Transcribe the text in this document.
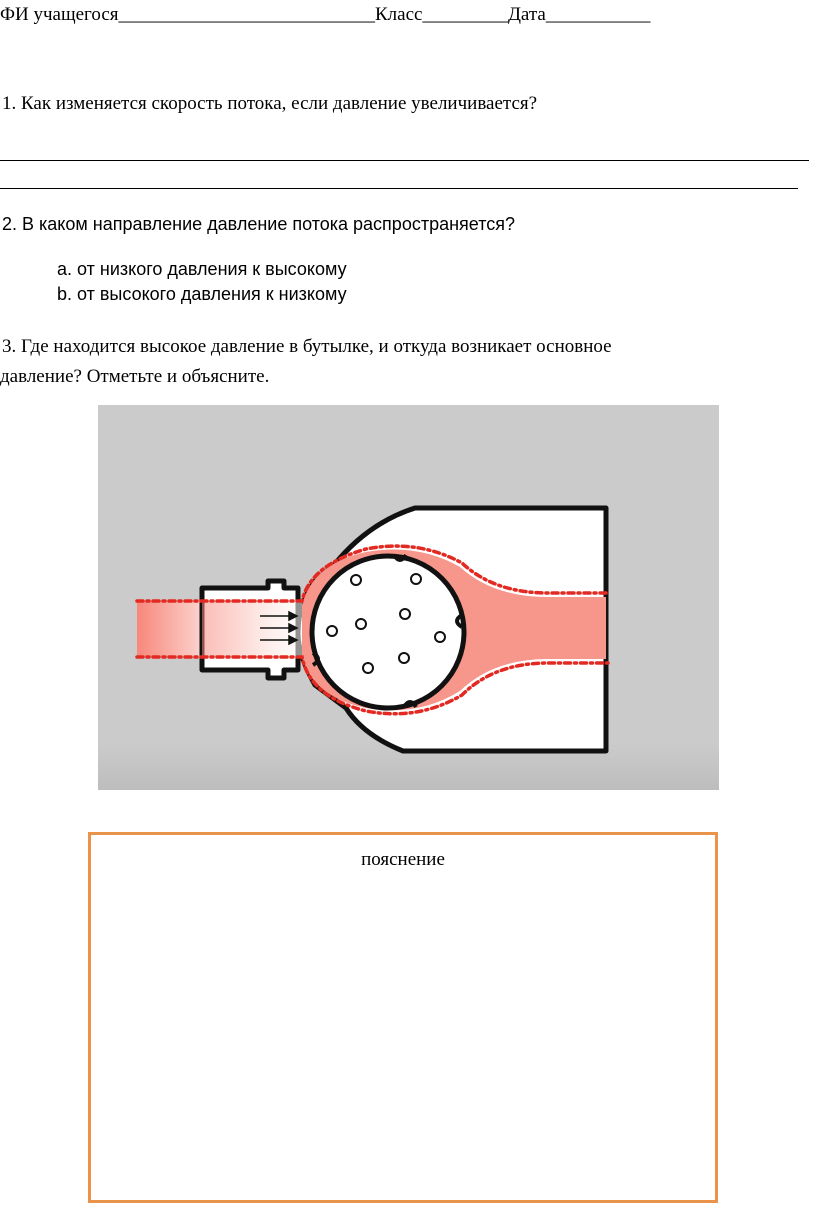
ФИ учащегося___________________________Класс_________Дата___________
1. Как изменяется скорость потока, если давление увеличивается?
2. В каком направление давление потока распространяется?
a. от низкого давления к высокому
b. от высокого давления к низкому
3. Где находится высокое давление в бутылке, и откуда возникает основное
давление? Отметьте и объясните.
пояснение
